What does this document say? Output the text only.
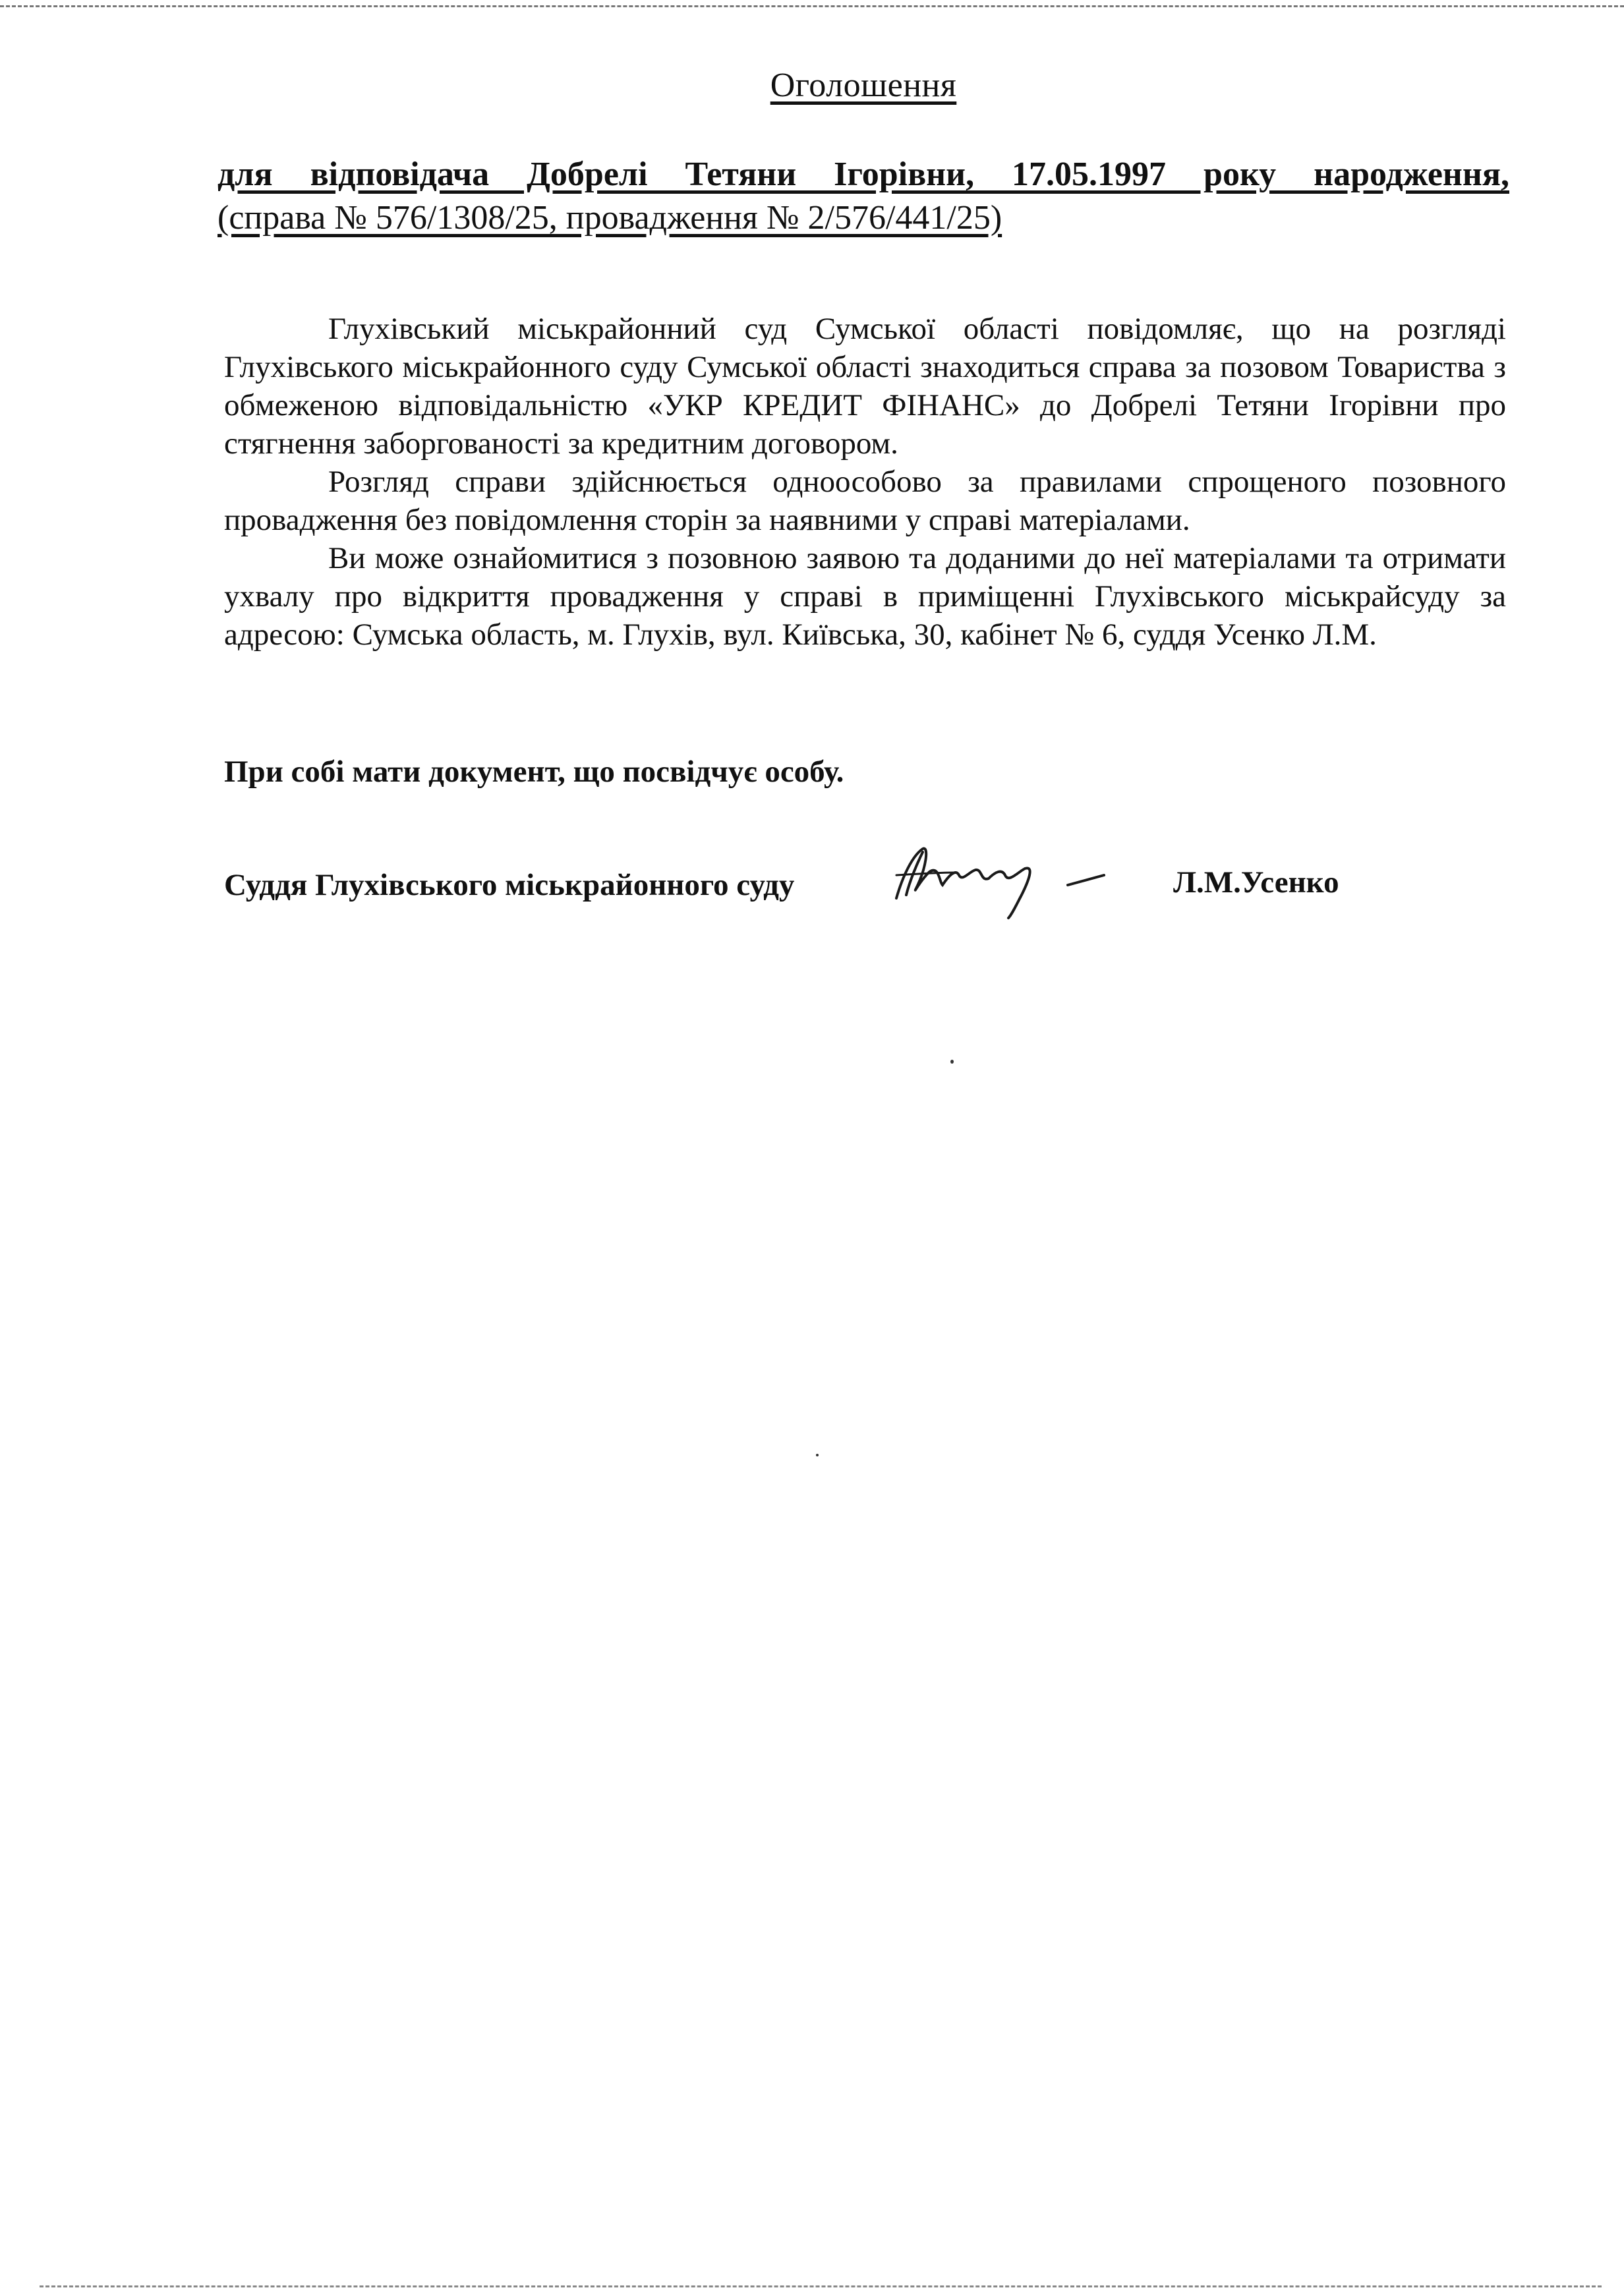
Оголошення
для відповідача Добрелі Тетяни Ігорівни, 17.05.1997 року народження,
(справа № 576/1308/25, провадження № 2/576/441/25)

Глухівський міськрайонний суд Сумської області повідомляє, що на розгляді Глухівського міськрайонного суду Сумської області знаходиться справа за позовом Товариства з обмеженою відповідальністю «УКР КРЕДИТ ФІНАНС» до Добрелі Тетяни Ігорівни про стягнення заборгованості за кредитним договором.

Розгляд справи здійснюється одноособово за правилами спрощеного позовного провадження без повідомлення сторін за наявними у справі матеріалами.

Ви може ознайомитися з позовною заявою та доданими до неї матеріалами та отримати ухвалу про відкриття провадження у справі в приміщенні Глухівського міськрайсуду за адресою: Сумська область, м. Глухів, вул. Київська, 30, кабінет № 6, суддя Усенко Л.М.

При собі мати документ, що посвідчує особу.
Суддя Глухівського міськрайонного суду	Л.М.Усенко
